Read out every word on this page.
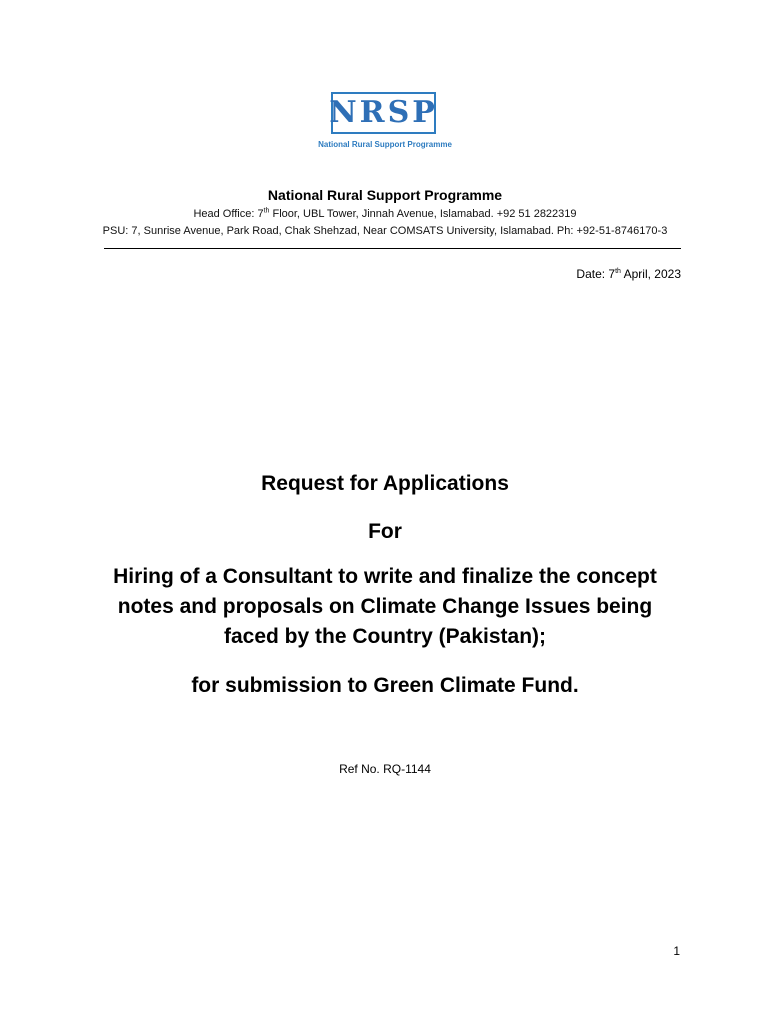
NRSP
National Rural Support Programme
National Rural Support Programme
Head Office: 7th Floor, UBL Tower, Jinnah Avenue, Islamabad. +92 51 2822319
PSU: 7, Sunrise Avenue, Park Road, Chak Shehzad, Near COMSATS University, Islamabad. Ph: +92-51-8746170-3
Date: 7th April, 2023
Request for Applications
For
Hiring of a Consultant to write and finalize the concept
notes and proposals on Climate Change Issues being
faced by the Country (Pakistan);
for submission to Green Climate Fund.
Ref No. RQ-1144
1
